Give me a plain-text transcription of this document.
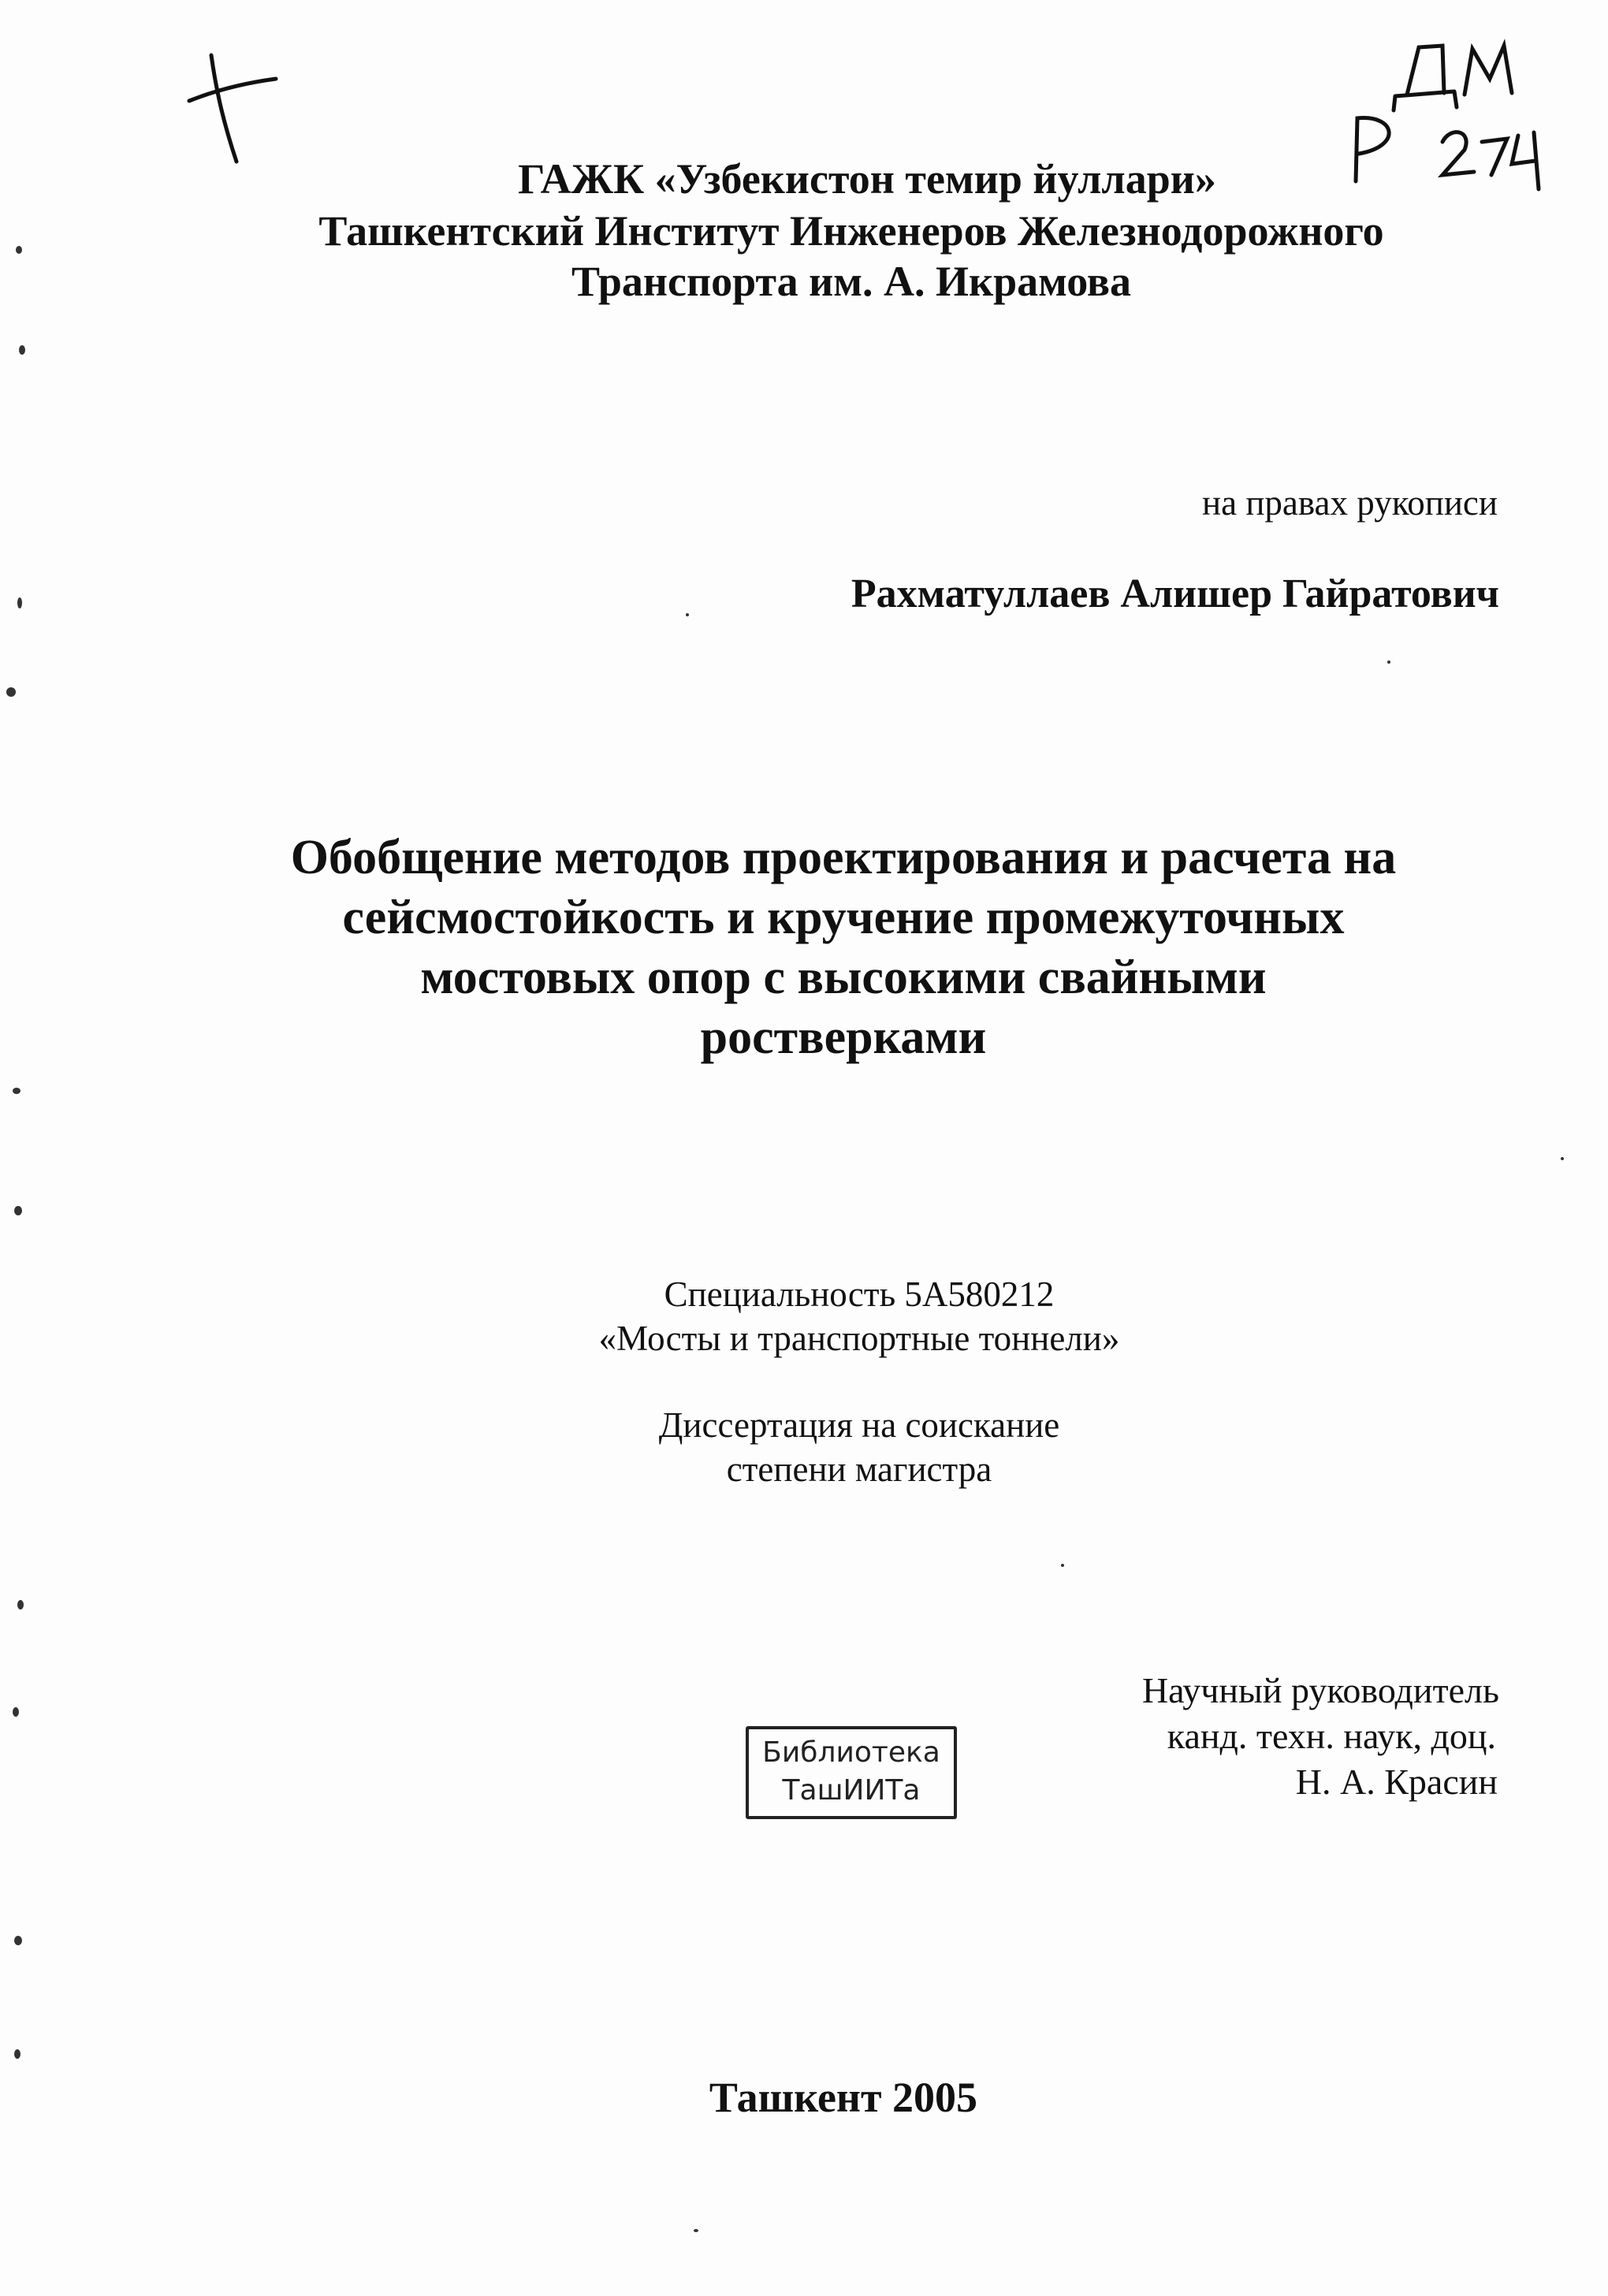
ГАЖК «Узбекистон темир йуллари»
Ташкентский Институт Инженеров Железнодорожного
Транспорта им. А. Икрамова
на правах рукописи
Рахматуллаев Алишер Гайратович
Обобщение методов проектирования и расчета на
сейсмостойкость и кручение промежуточных
мостовых опор с высокими свайными
ростверками
Специальность 5А580212
«Мосты и транспортные тоннели»
Диссертация на соискание
степени магистра
Научный руководитель
канд. техн. наук, доц.
Н. А. Красин
Библиотека
ТашИИТа
Ташкент 2005
